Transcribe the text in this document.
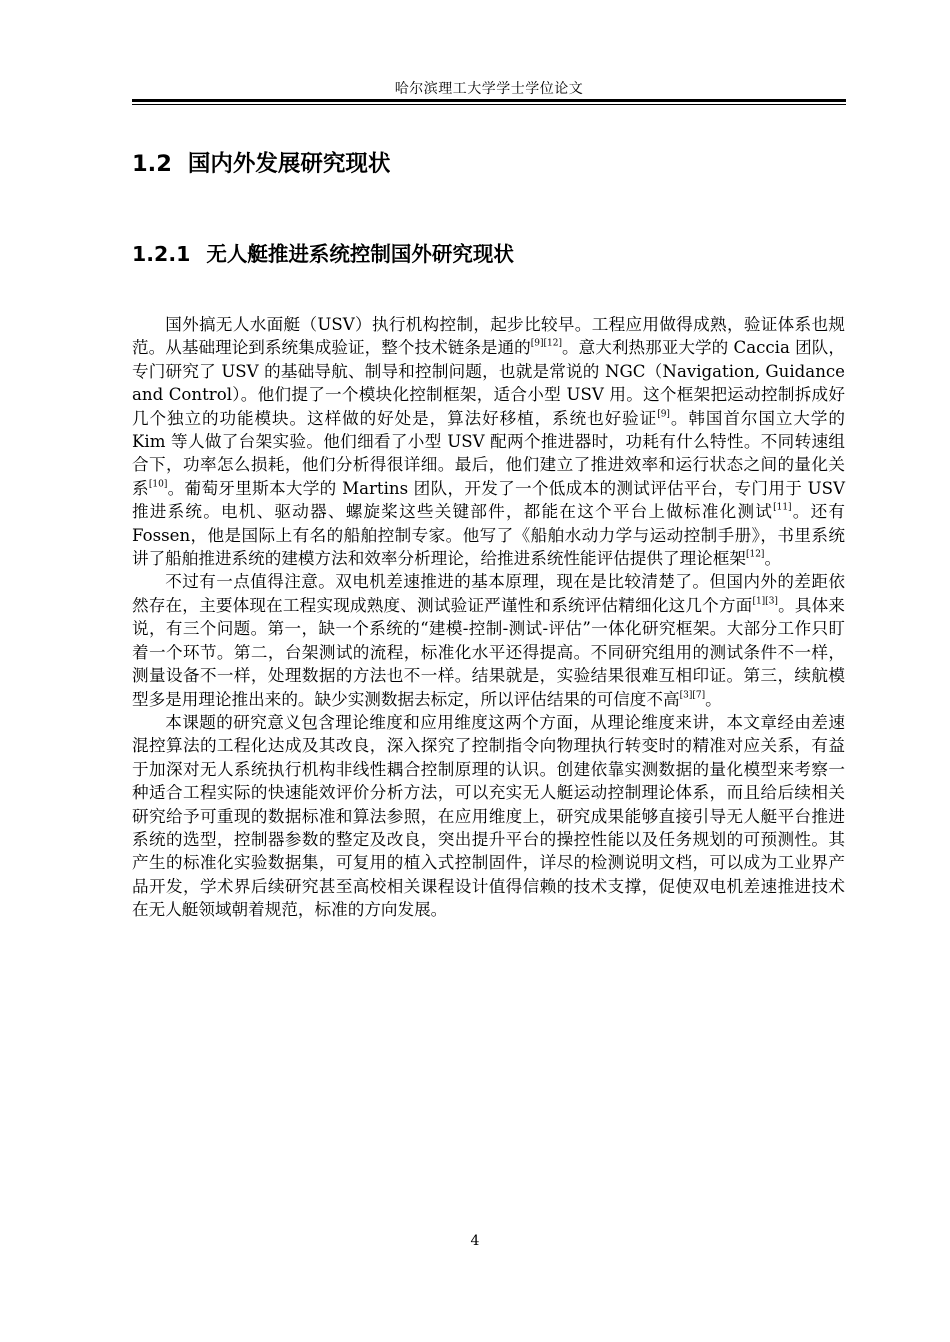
哈尔滨理工大学学士学位论文
1.2 国内外发展研究现状
1.2.1 无人艇推进系统控制国外研究现状

国外搞无人水面艇（USV）执行机构控制，起步比较早。工程应用做得成熟，验证体系也规范。从基础理论到系统集成验证，整个技术链条是通的[9][12]。意大利热那亚大学的 Caccia 团队，专门研究了 USV 的基础导航、制导和控制问题，也就是常说的 NGC（Navigation, Guidance and Control）。他们提了一个模块化控制框架，适合小型 USV 用。这个框架把运动控制拆成好几个独立的功能模块。这样做的好处是，算法好移植，系统也好验证[9]。韩国首尔国立大学的 Kim 等人做了台架实验。他们细看了小型 USV 配两个推进器时，功耗有什么特性。不同转速组合下，功率怎么损耗，他们分析得很详细。最后，他们建立了推进效率和运行状态之间的量化关系[10]。葡萄牙里斯本大学的 Martins 团队，开发了一个低成本的测试评估平台，专门用于 USV 推进系统。电机、驱动器、螺旋桨这些关键部件，都能在这个平台上做标准化测试[11]。还有 Fossen，他是国际上有名的船舶控制专家。他写了《船舶水动力学与运动控制手册》，书里系统讲了船舶推进系统的建模方法和效率分析理论，给推进系统性能评估提供了理论框架[12]。

不过有一点值得注意。双电机差速推进的基本原理，现在是比较清楚了。但国内外的差距依然存在，主要体现在工程实现成熟度、测试验证严谨性和系统评估精细化这几个方面[1][3]。具体来说，有三个问题。第一，缺一个系统的“建模-控制-测试-评估”一体化研究框架。大部分工作只盯着一个环节。第二，台架测试的流程，标准化水平还得提高。不同研究组用的测试条件不一样，测量设备不一样，处理数据的方法也不一样。结果就是，实验结果很难互相印证。第三，续航模型多是用理论推出来的。缺少实测数据去标定，所以评估结果的可信度不高[3][7]。

本课题的研究意义包含理论维度和应用维度这两个方面，从理论维度来讲，本文章经由差速混控算法的工程化达成及其改良，深入探究了控制指令向物理执行转变时的精准对应关系，有益于加深对无人系统执行机构非线性耦合控制原理的认识。创建依靠实测数据的量化模型来考察一种适合工程实际的快速能效评价分析方法，可以充实无人艇运动控制理论体系，而且给后续相关研究给予可重现的数据标准和算法参照，在应用维度上，研究成果能够直接引导无人艇平台推进系统的选型，控制器参数的整定及改良，突出提升平台的操控性能以及任务规划的可预测性。其产生的标准化实验数据集，可复用的植入式控制固件，详尽的检测说明文档，可以成为工业界产品开发，学术界后续研究甚至高校相关课程设计值得信赖的技术支撑，促使双电机差速推进技术在无人艇领域朝着规范，标准的方向发展。

4
